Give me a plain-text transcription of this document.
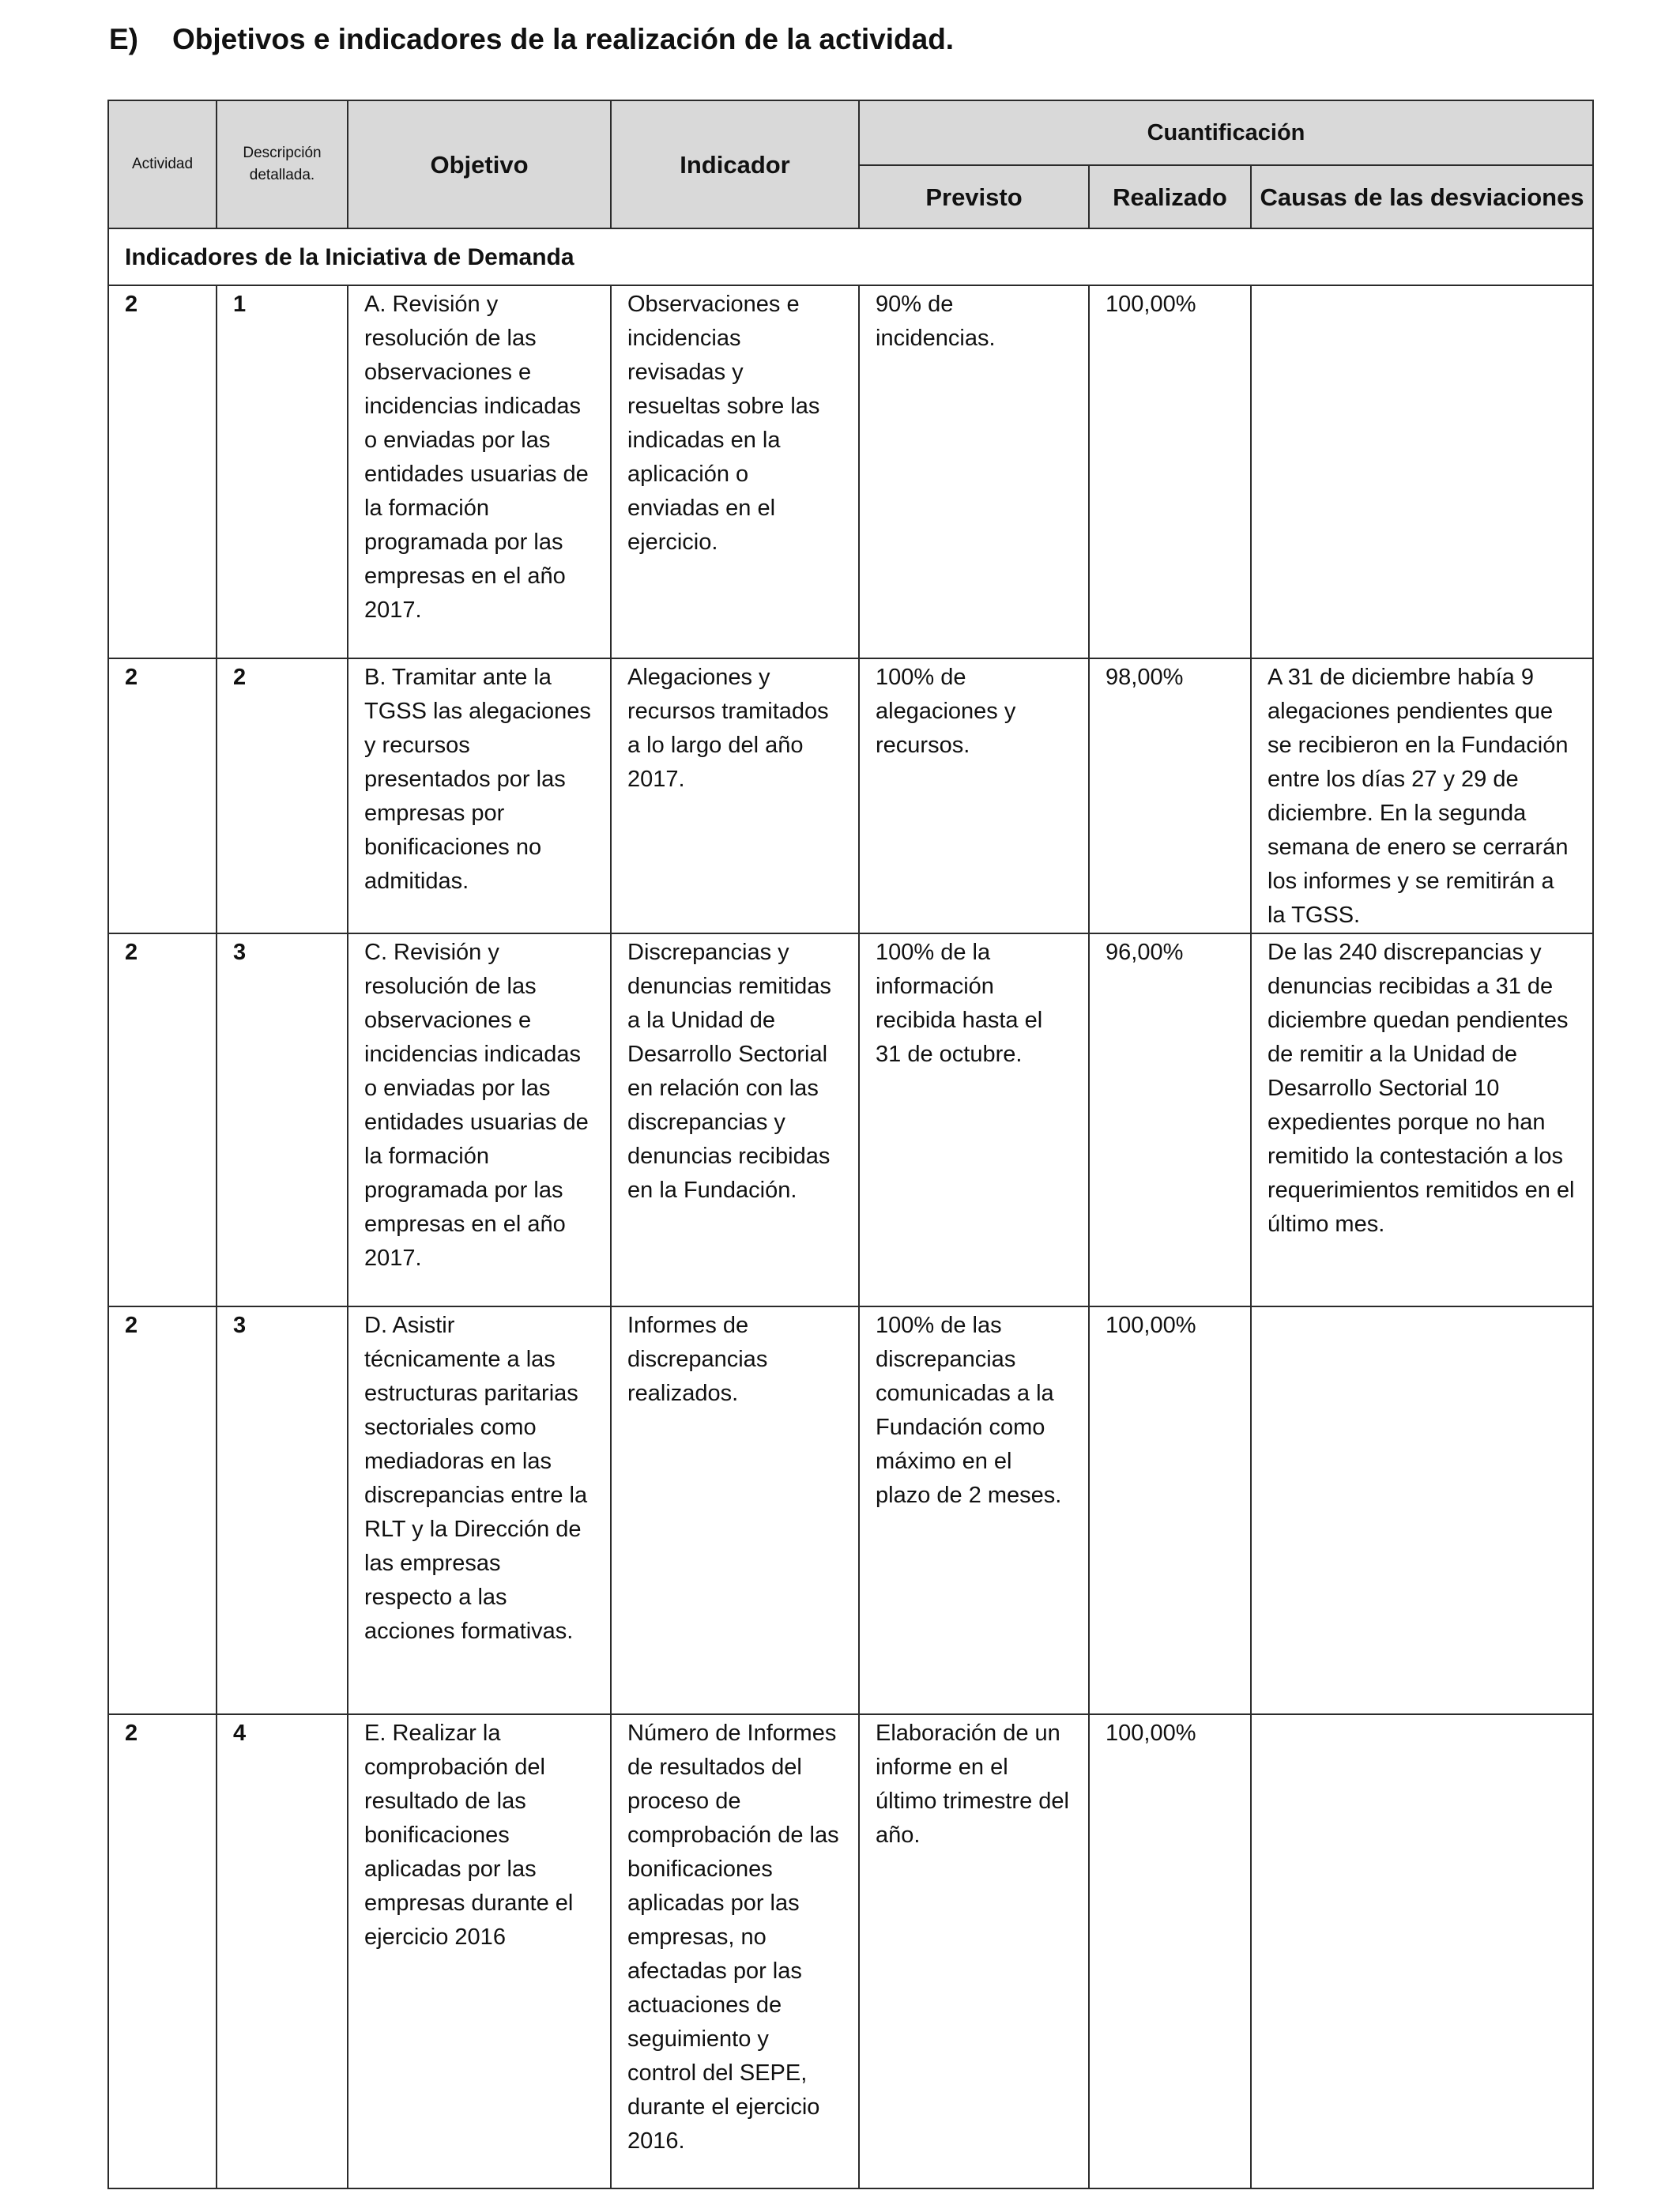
E) Objetivos e indicadores de la realización de la actividad.
Actividad	Descripción detallada.	Objetivo	Indicador	Cuantificación		
				Previsto	Realizado	Causas de las desviaciones
Indicadores de la Iniciativa de Demanda						
2	1	A. Revisión y resolución de las observaciones e incidencias indicadas o enviadas por las entidades usuarias de la formación programada por las empresas en el año 2017.	Observaciones e incidencias revisadas y resueltas sobre las indicadas en la aplicación o enviadas en el ejercicio.	90% de incidencias.	100,00%	
2	2	B. Tramitar ante la TGSS las alegaciones y recursos presentados por las empresas por bonificaciones no admitidas.	Alegaciones y recursos tramitados a lo largo del año 2017.	100% de alegaciones y recursos.	98,00%	A 31 de diciembre había 9 alegaciones pendientes que se recibieron en la Fundación entre los días 27 y 29 de diciembre. En la segunda semana de enero se cerrarán los informes y se remitirán a la TGSS.
2	3	C. Revisión y resolución de las observaciones e incidencias indicadas o enviadas por las entidades usuarias de la formación programada por las empresas en el año 2017.	Discrepancias y denuncias remitidas a la Unidad de Desarrollo Sectorial en relación con las discrepancias y denuncias recibidas en la Fundación.	100% de la información recibida hasta el 31 de octubre.	96,00%	De las 240 discrepancias y denuncias recibidas a 31 de diciembre quedan pendientes de remitir a la Unidad de Desarrollo Sectorial 10 expedientes porque no han remitido la contestación a los requerimientos remitidos en el último mes.
2	3	D. Asistir técnicamente a las estructuras paritarias sectoriales como mediadoras en las discrepancias entre la RLT y la Dirección de las empresas respecto a las acciones formativas.	Informes de discrepancias realizados.	100% de las discrepancias comunicadas a la Fundación como máximo en el plazo de 2 meses.	100,00%	
2	4	E. Realizar la comprobación del resultado de las bonificaciones aplicadas por las empresas durante el ejercicio 2016	Número de Informes de resultados del proceso de comprobación de las bonificaciones aplicadas por las empresas, no afectadas por las actuaciones de seguimiento y control del SEPE, durante el ejercicio 2016.	Elaboración de un informe en el último trimestre del año.	100,00%	
